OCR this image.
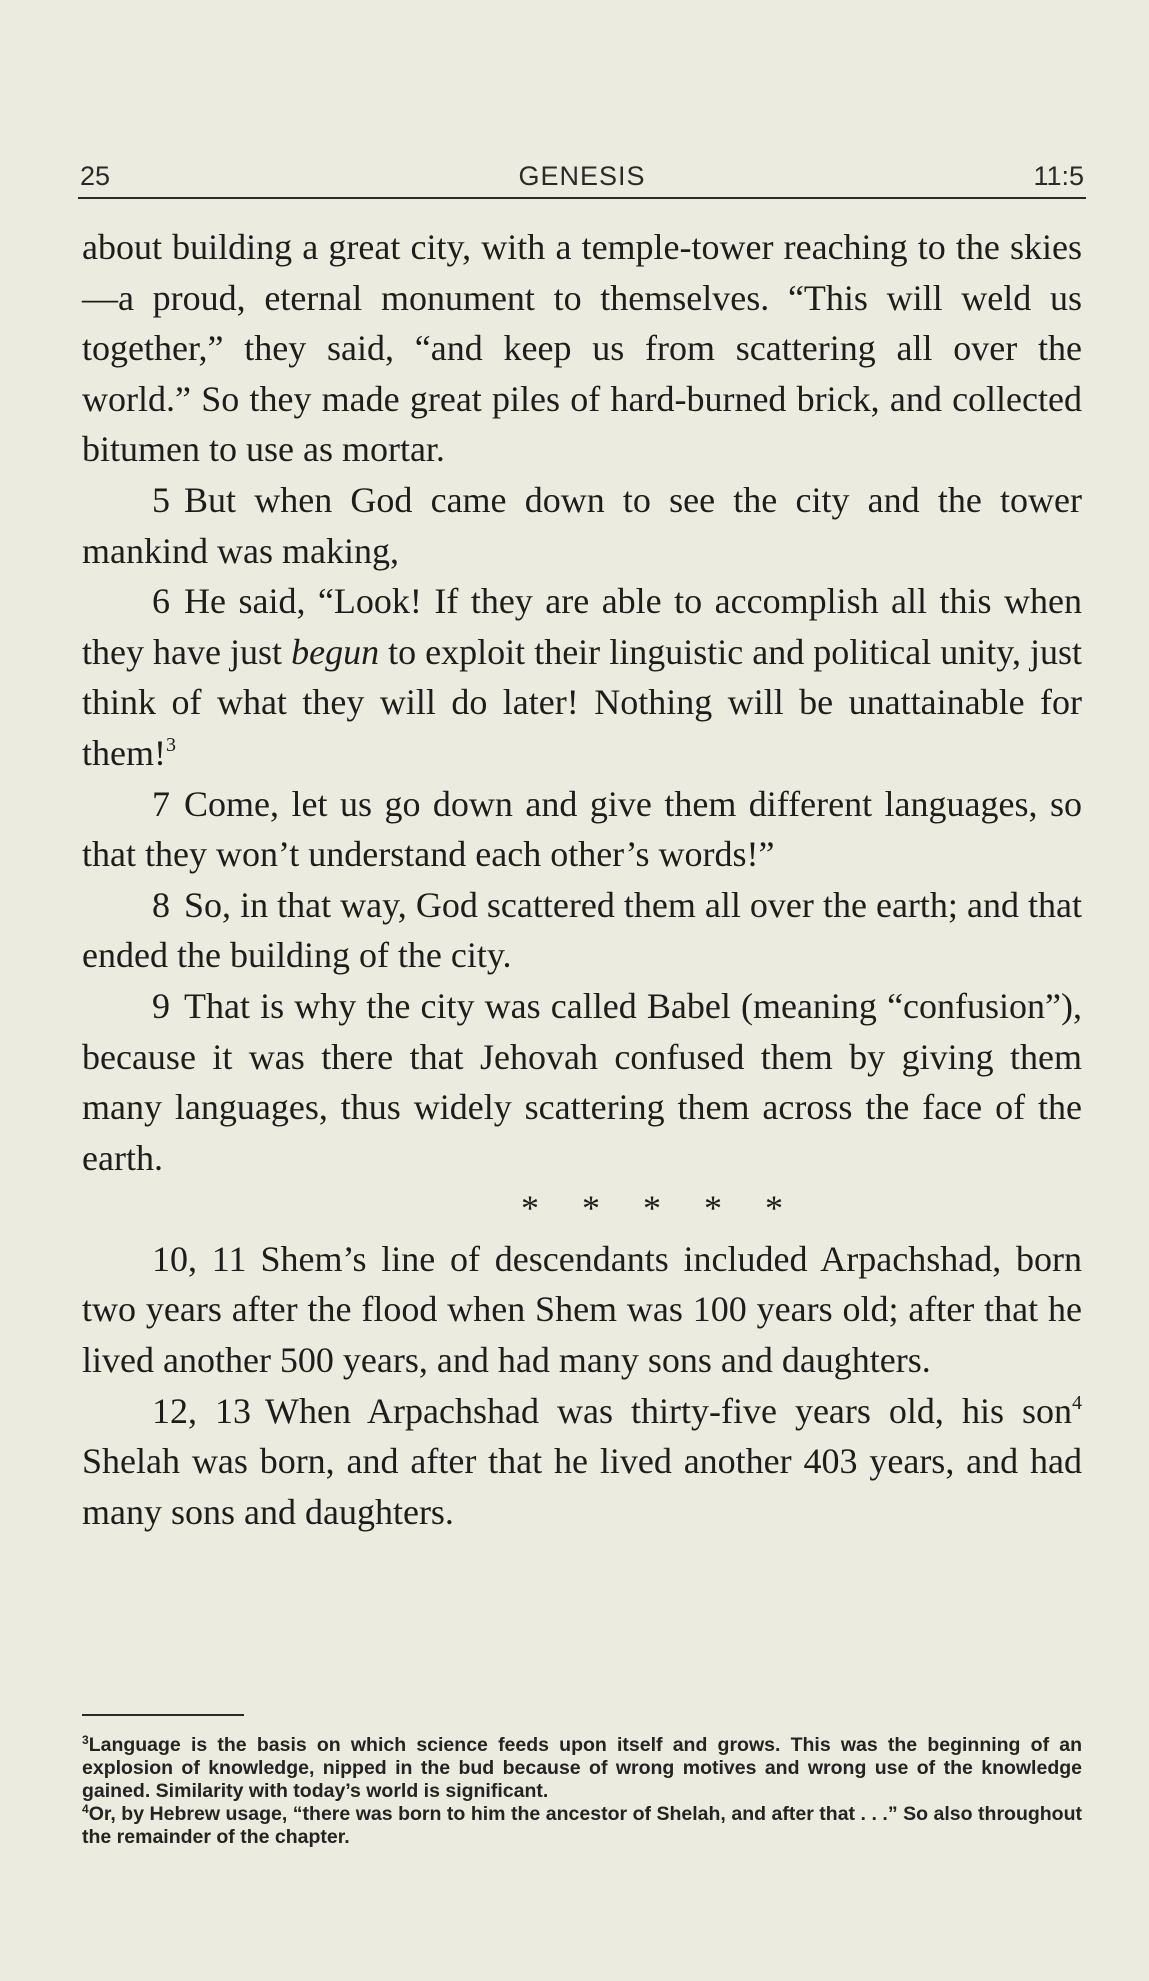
25	GENESIS	11:5

about building a great city, with a temple-tower reaching to the skies—a proud, eternal monument to themselves. “This will weld us together,” they said, “and keep us from scattering all over the world.” So they made great piles of hard-burned brick, and collected bitumen to use as mortar.

5 But when God came down to see the city and the tower mankind was making,

6 He said, “Look! If they are able to accomplish all this when they have just begun to exploit their linguistic and political unity, just think of what they will do later! Nothing will be unattainable for them!$^3$

7 Come, let us go down and give them different languages, so that they won’t understand each other’s words!”

8 So, in that way, God scattered them all over the earth; and that ended the building of the city.

9 That is why the city was called Babel (meaning “confusion”), because it was there that Jehovah confused them by giving them many languages, thus widely scattering them across the face of the earth.

* * * * *

10, 11 Shem’s line of descendants included Arpachshad, born two years after the flood when Shem was 100 years old; after that he lived another 500 years, and had many sons and daughters.

12, 13 When Arpachshad was thirty-five years old, his son$^4$ Shelah was born, and after that he lived another 403 years, and had many sons and daughters.

$^3$Language is the basis on which science feeds upon itself and grows. This was the beginning of an explosion of knowledge, nipped in the bud because of wrong motives and wrong use of the knowledge gained. Similarity with today’s world is significant.

$^4$Or, by Hebrew usage, “there was born to him the ancestor of Shelah, and after that . . .” So also throughout the remainder of the chapter.
